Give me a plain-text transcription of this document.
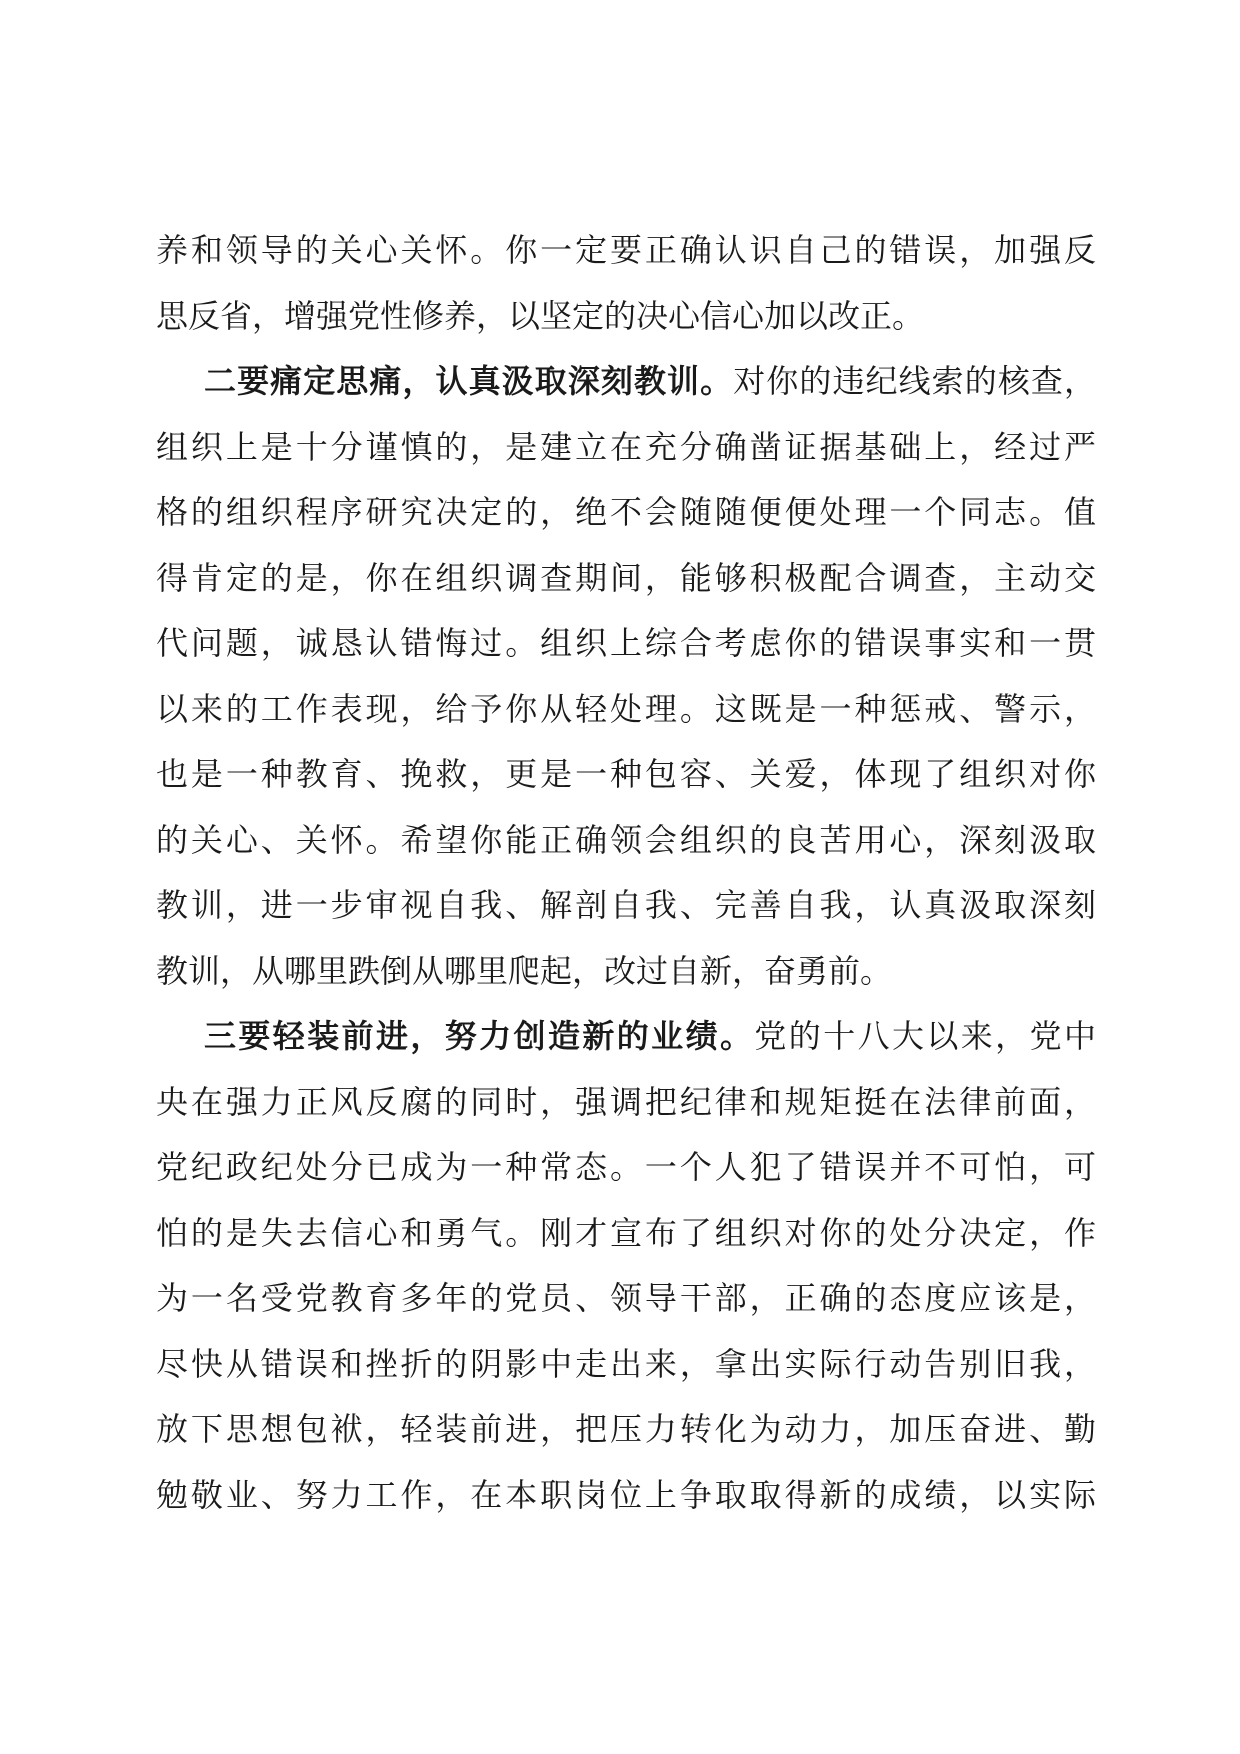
养和领导的关心关怀。你一定要正确认识自己的错误，加强反
思反省，增强党性修养，以坚定的决心信心加以改正。
二要痛定思痛，认真汲取深刻教训。对你的违纪线索的核查，
组织上是十分谨慎的，是建立在充分确凿证据基础上，经过严
格的组织程序研究决定的，绝不会随随便便处理一个同志。值
得肯定的是，你在组织调查期间，能够积极配合调查，主动交
代问题，诚恳认错悔过。组织上综合考虑你的错误事实和一贯
以来的工作表现，给予你从轻处理。这既是一种惩戒、警示，
也是一种教育、挽救，更是一种包容、关爱，体现了组织对你
的关心、关怀。希望你能正确领会组织的良苦用心，深刻汲取
教训，进一步审视自我、解剖自我、完善自我，认真汲取深刻
教训，从哪里跌倒从哪里爬起，改过自新，奋勇前。
三要轻装前进，努力创造新的业绩。党的十八大以来，党中
央在强力正风反腐的同时，强调把纪律和规矩挺在法律前面，
党纪政纪处分已成为一种常态。一个人犯了错误并不可怕，可
怕的是失去信心和勇气。刚才宣布了组织对你的处分决定，作
为一名受党教育多年的党员、领导干部，正确的态度应该是，
尽快从错误和挫折的阴影中走出来，拿出实际行动告别旧我，
放下思想包袱，轻装前进，把压力转化为动力，加压奋进、勤
勉敬业、努力工作，在本职岗位上争取取得新的成绩，以实际
